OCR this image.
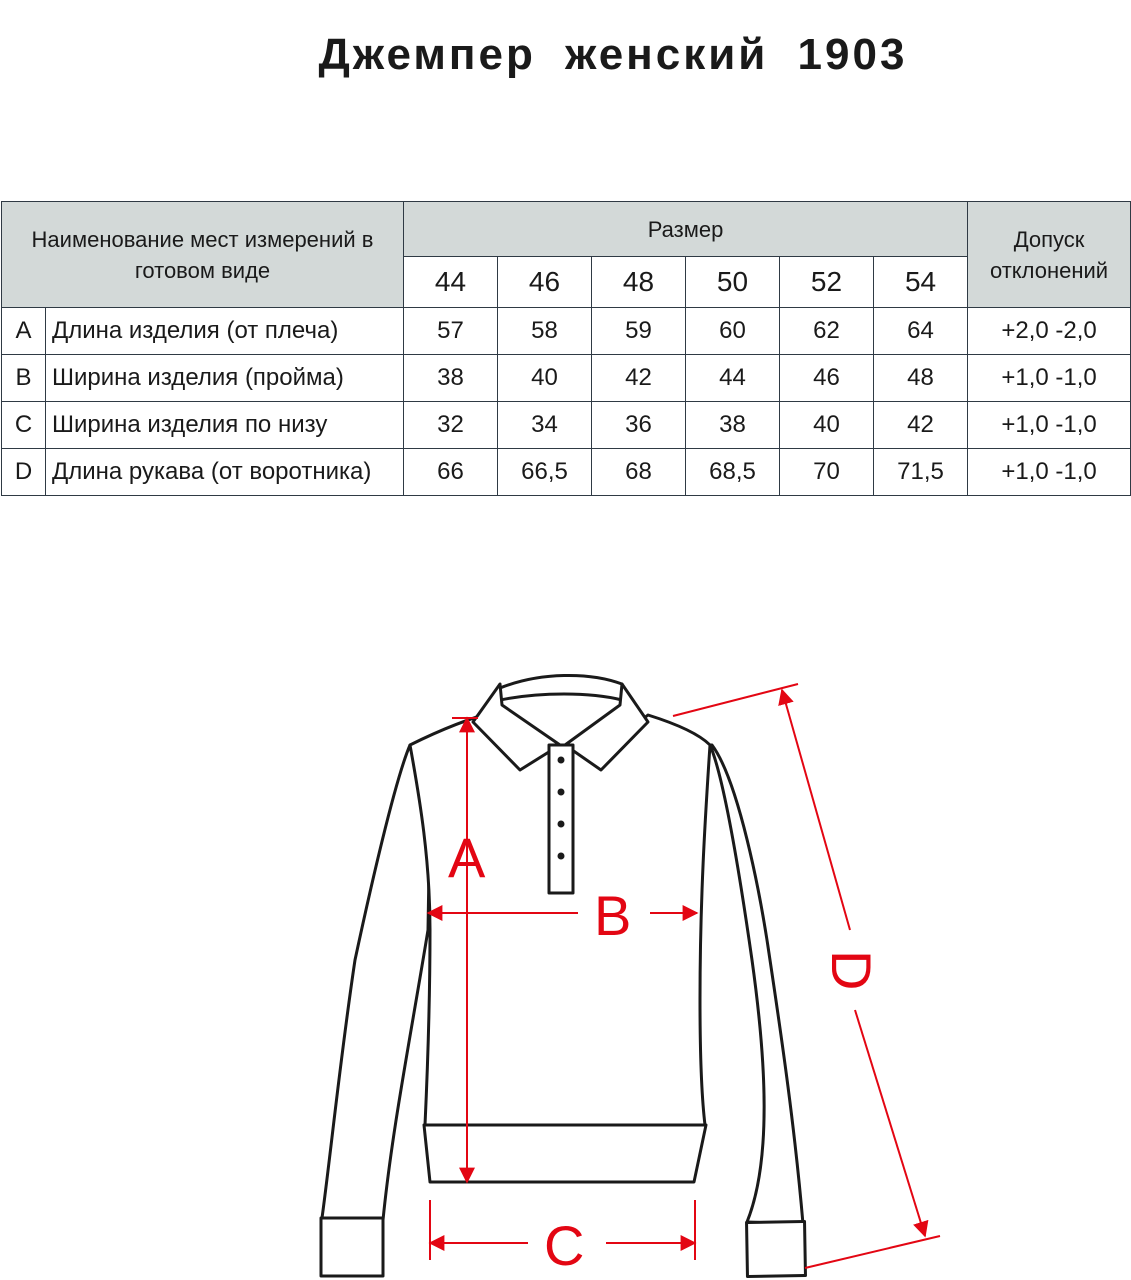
Джемпер женский 1903
Наименование мест измерений в готовом виде		Размер						Допуск отклонений
		44	46	48	50	52	54	
A	Длина изделия (от плеча)	57	58	59	60	62	64	+2,0 -2,0
B	Ширина изделия (пройма)	38	40	42	44	46	48	+1,0 -1,0
C	Ширина изделия по низу	32	34	36	38	40	42	+1,0 -1,0
D	Длина рукава (от воротника)	66	66,5	68	68,5	70	71,5	+1,0 -1,0
A
B
C
D
